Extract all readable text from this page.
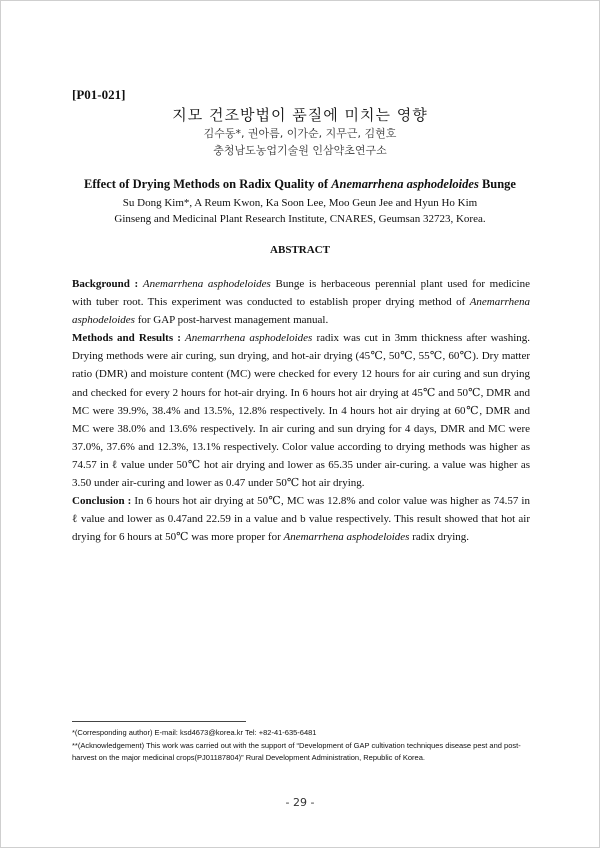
[P01-021]
지모 건조방법이 품질에 미치는 영향
김수동*, 권아름, 이가순, 지무근, 김현호
충청남도농업기술원 인삼약초연구소
Effect of Drying Methods on Radix Quality of Anemarrhena asphodeloides Bunge
Su Dong Kim*, A Reum Kwon, Ka Soon Lee, Moo Geun Jee and Hyun Ho Kim
Ginseng and Medicinal Plant Research Institute, CNARES, Geumsan 32723, Korea.
ABSTRACT

Background : Anemarrhena asphodeloides Bunge is herbaceous perennial plant used for medicine with tuber root. This experiment was conducted to establish proper drying method of Anemarrhena asphodeloides for GAP post-harvest management manual.

Methods and Results : Anemarrhena asphodeloides radix was cut in 3mm thickness after washing. Drying methods were air curing, sun drying, and hot-air drying (45℃, 50℃, 55℃, 60℃). Dry matter ratio (DMR) and moisture content (MC) were checked for every 12 hours for air curing and sun drying and checked for every 2 hours for hot-air drying. In 6 hours hot air drying at 45℃ and 50℃, DMR and MC were 39.9%, 38.4% and 13.5%, 12.8% respectively. In 4 hours hot air drying at 60℃, DMR and MC were 38.0% and 13.6% respectively. In air curing and sun drying for 4 days, DMR and MC were 37.0%, 37.6% and 12.3%, 13.1% respectively. Color value according to drying methods was higher as 74.57 in ℓ value under 50℃ hot air drying and lower as 65.35 under air-curing. a value was higher as 3.50 under air-curing and lower as 0.47 under 50℃ hot air drying.

Conclusion : In 6 hours hot air drying at 50℃, MC was 12.8% and color value was higher as 74.57 in ℓ value and lower as 0.47and 22.59 in a value and b value respectively. This result showed that hot air drying for 6 hours at 50℃ was more proper for Anemarrhena asphodeloides radix drying.

*(Corresponding author) E-mail: ksd4673@korea.kr Tel: +82-41-635-6481
**(Acknowledgement) This work was carried out with the support of “Development of GAP cultivation techniques disease pest and post-harvest on the major medicinal crops(PJ01187804)” Rural Development Administration, Republic of Korea.
- 29 -
